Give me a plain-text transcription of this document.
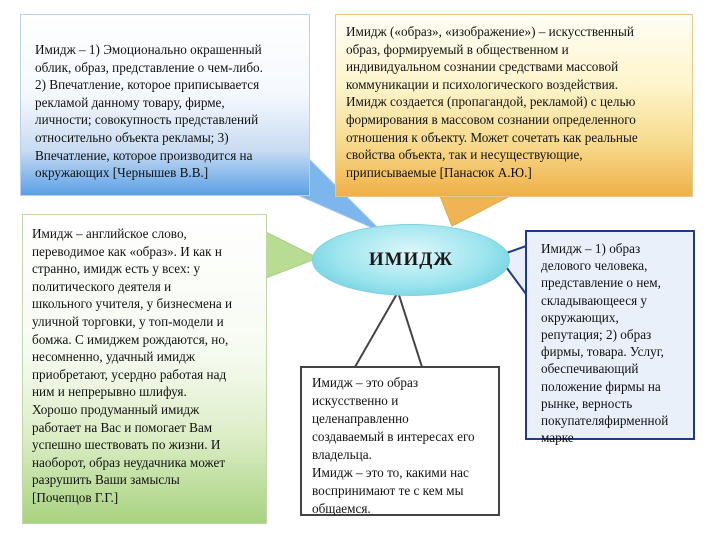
Имидж – 1) Эмоционально окрашенный
облик, образ, представление о чем-либо.
2) Впечатление, которое приписывается
рекламой данному товару, фирме,
личности; совокупность представлений
относительно объекта рекламы; 3)
Впечатление, которое производится на
окружающих [Чернышев В.В.]
Имидж («образ», «изображение») – искусственный
образ, формируемый в общественном и
индивидуальном сознании средствами массовой
коммуникации и психологического воздействия.
Имидж создается (пропагандой, рекламой) с целью
формирования в массовом сознании определенного
отношения к объекту. Может сочетать как реальные
свойства объекта, так и несуществующие,
приписываемые [Панасюк А.Ю.]
Имидж – английское слово,
переводимое как «образ». И как н
странно, имидж есть у всех: у
политического деятеля и
школьного учителя, у бизнесмена и
уличной торговки, у топ-модели и
бомжа. С имиджем рождаются, но,
несомненно, удачный имидж
приобретают, усердно работая над
ним и непрерывно шлифуя.
Хорошо продуманный имидж
работает на Вас и помогает Вам
успешно шествовать по жизни. И
наоборот, образ неудачника может
разрушить Ваши замыслы
[Почепцов Г.Г.]
Имидж – 1) образ
делового человека,
представление о нем,
складывающееся у
окружающих,
репутация; 2) образ
фирмы, товара. Услуг,
обеспечивающий
положение фирмы на
рынке, верность
покупателяфирменной
марке
Имидж – это образ
искусственно и
целенаправленно
создаваемый в интересах его
владельца.
Имидж – это то, какими нас
воспринимают те с кем мы
общаемся.
ИМИДЖ
